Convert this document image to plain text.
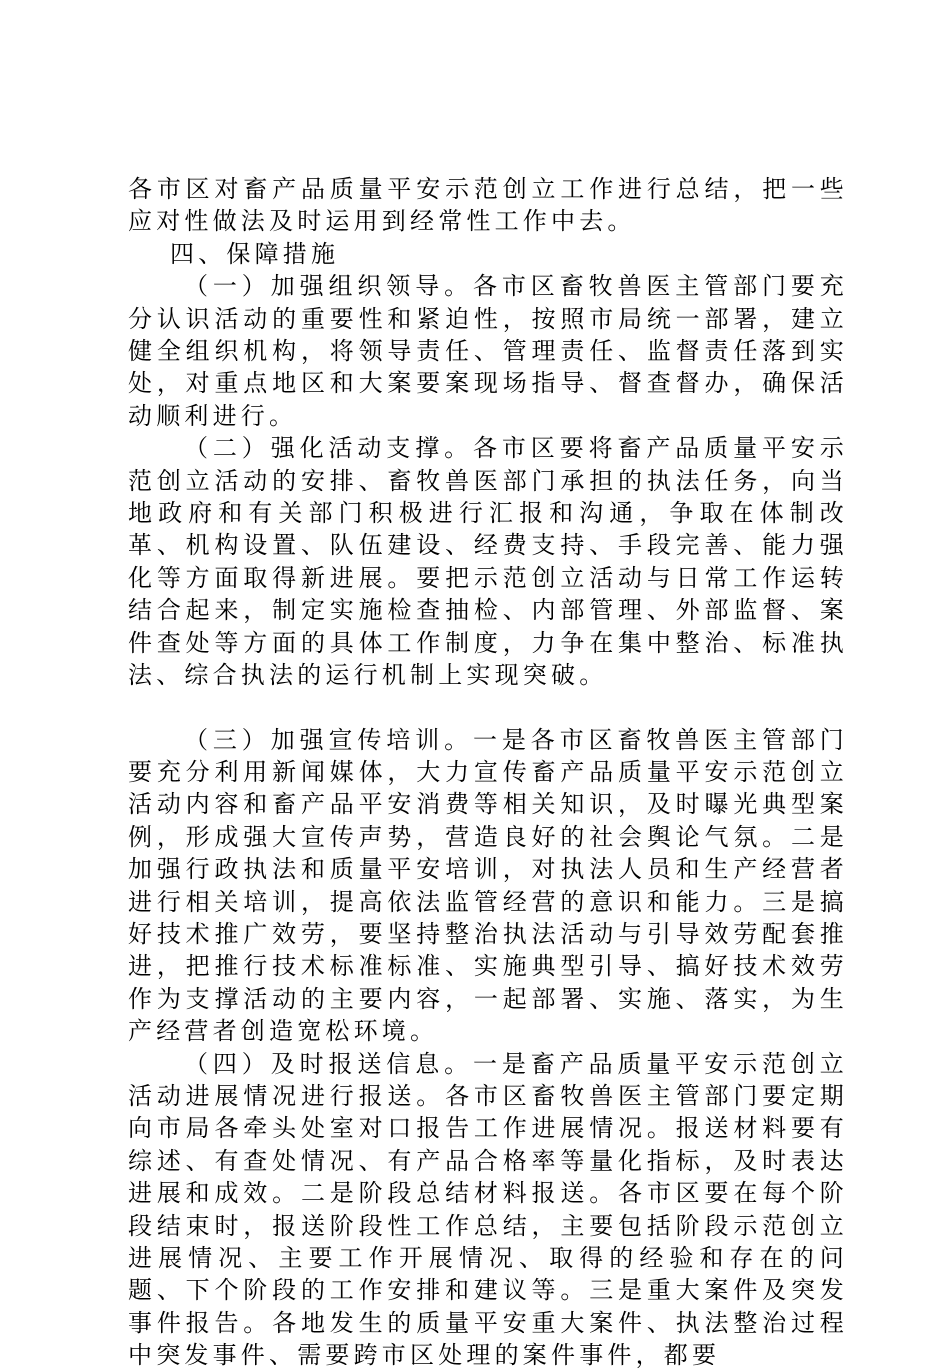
各市区对畜产品质量平安示范创立工作进行总结，把一些应对性做法及时运用到经常性工作中去。

四、保障措施

（一）加强组织领导。各市区畜牧兽医主管部门要充分认识活动的重要性和紧迫性，按照市局统一部署，建立健全组织机构，将领导责任、管理责任、监督责任落到实处，对重点地区和大案要案现场指导、督查督办，确保活动顺利进行。

（二）强化活动支撑。各市区要将畜产品质量平安示范创立活动的安排、畜牧兽医部门承担的执法任务，向当地政府和有关部门积极进行汇报和沟通，争取在体制改革、机构设置、队伍建设、经费支持、手段完善、能力强化等方面取得新进展。要把示范创立活动与日常工作运转结合起来，制定实施检查抽检、内部管理、外部监督、案件查处等方面的具体工作制度，力争在集中整治、标准执法、综合执法的运行机制上实现突破。

（三）加强宣传培训。一是各市区畜牧兽医主管部门要充分利用新闻媒体，大力宣传畜产品质量平安示范创立活动内容和畜产品平安消费等相关知识，及时曝光典型案例，形成强大宣传声势，营造良好的社会舆论气氛。二是加强行政执法和质量平安培训，对执法人员和生产经营者进行相关培训，提高依法监管经营的意识和能力。三是搞好技术推广效劳，要坚持整治执法活动与引导效劳配套推进，把推行技术标准标准、实施典型引导、搞好技术效劳作为支撑活动的主要内容，一起部署、实施、落实，为生产经营者创造宽松环境。

（四）及时报送信息。一是畜产品质量平安示范创立活动进展情况进行报送。各市区畜牧兽医主管部门要定期向市局各牵头处室对口报告工作进展情况。报送材料要有综述、有查处情况、有产品合格率等量化指标，及时表达进展和成效。二是阶段总结材料报送。各市区要在每个阶段结束时，报送阶段性工作总结，主要包括阶段示范创立进展情况、主要工作开展情况、取得的经验和存在的问题、下个阶段的工作安排和建议等。三是重大案件及突发事件报告。各地发生的质量平安重大案件、执法整治过程中突发事件、需要跨市区处理的案件事件，都要
